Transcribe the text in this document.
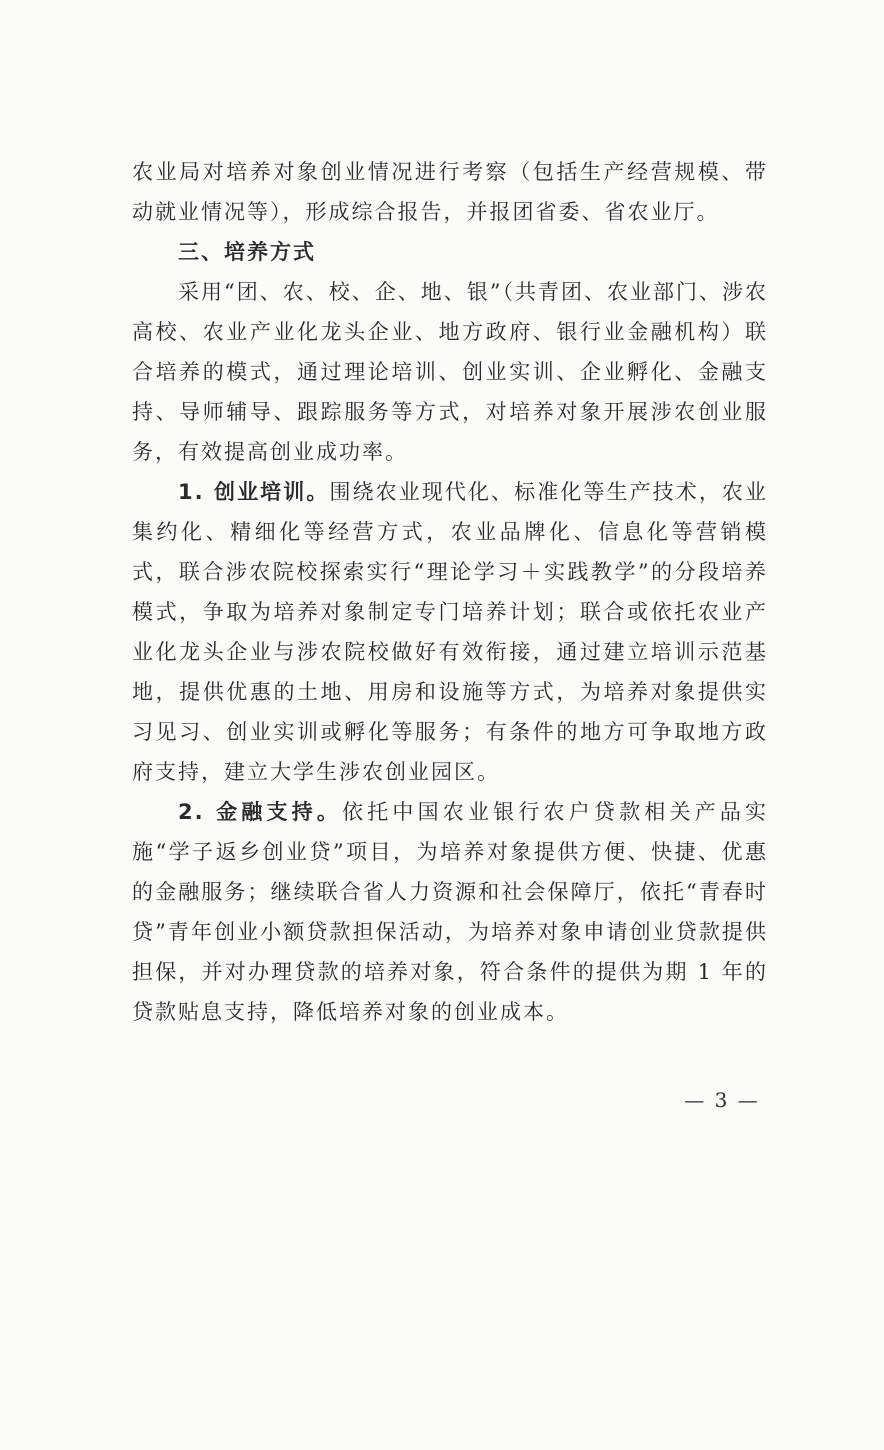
农业局对培养对象创业情况进行考察（包括生产经营规模、带动就业情况等），形成综合报告，并报团省委、省农业厅。

三、培养方式

采用“团、农、校、企、地、银”（共青团、农业部门、涉农高校、农业产业化龙头企业、地方政府、银行业金融机构）联合培养的模式，通过理论培训、创业实训、企业孵化、金融支持、导师辅导、跟踪服务等方式，对培养对象开展涉农创业服务，有效提高创业成功率。

1. 创业培训。围绕农业现代化、标准化等生产技术，农业集约化、精细化等经营方式，农业品牌化、信息化等营销模式，联合涉农院校探索实行“理论学习＋实践教学”的分段培养模式，争取为培养对象制定专门培养计划；联合或依托农业产业化龙头企业与涉农院校做好有效衔接，通过建立培训示范基地，提供优惠的土地、用房和设施等方式，为培养对象提供实习见习、创业实训或孵化等服务；有条件的地方可争取地方政府支持，建立大学生涉农创业园区。

2. 金融支持。依托中国农业银行农户贷款相关产品实施“学子返乡创业贷”项目，为培养对象提供方便、快捷、优惠的金融服务；继续联合省人力资源和社会保障厅，依托“青春时贷”青年创业小额贷款担保活动，为培养对象申请创业贷款提供担保，并对办理贷款的培养对象，符合条件的提供为期 1 年的贷款贴息支持，降低培养对象的创业成本。

— 3 —
